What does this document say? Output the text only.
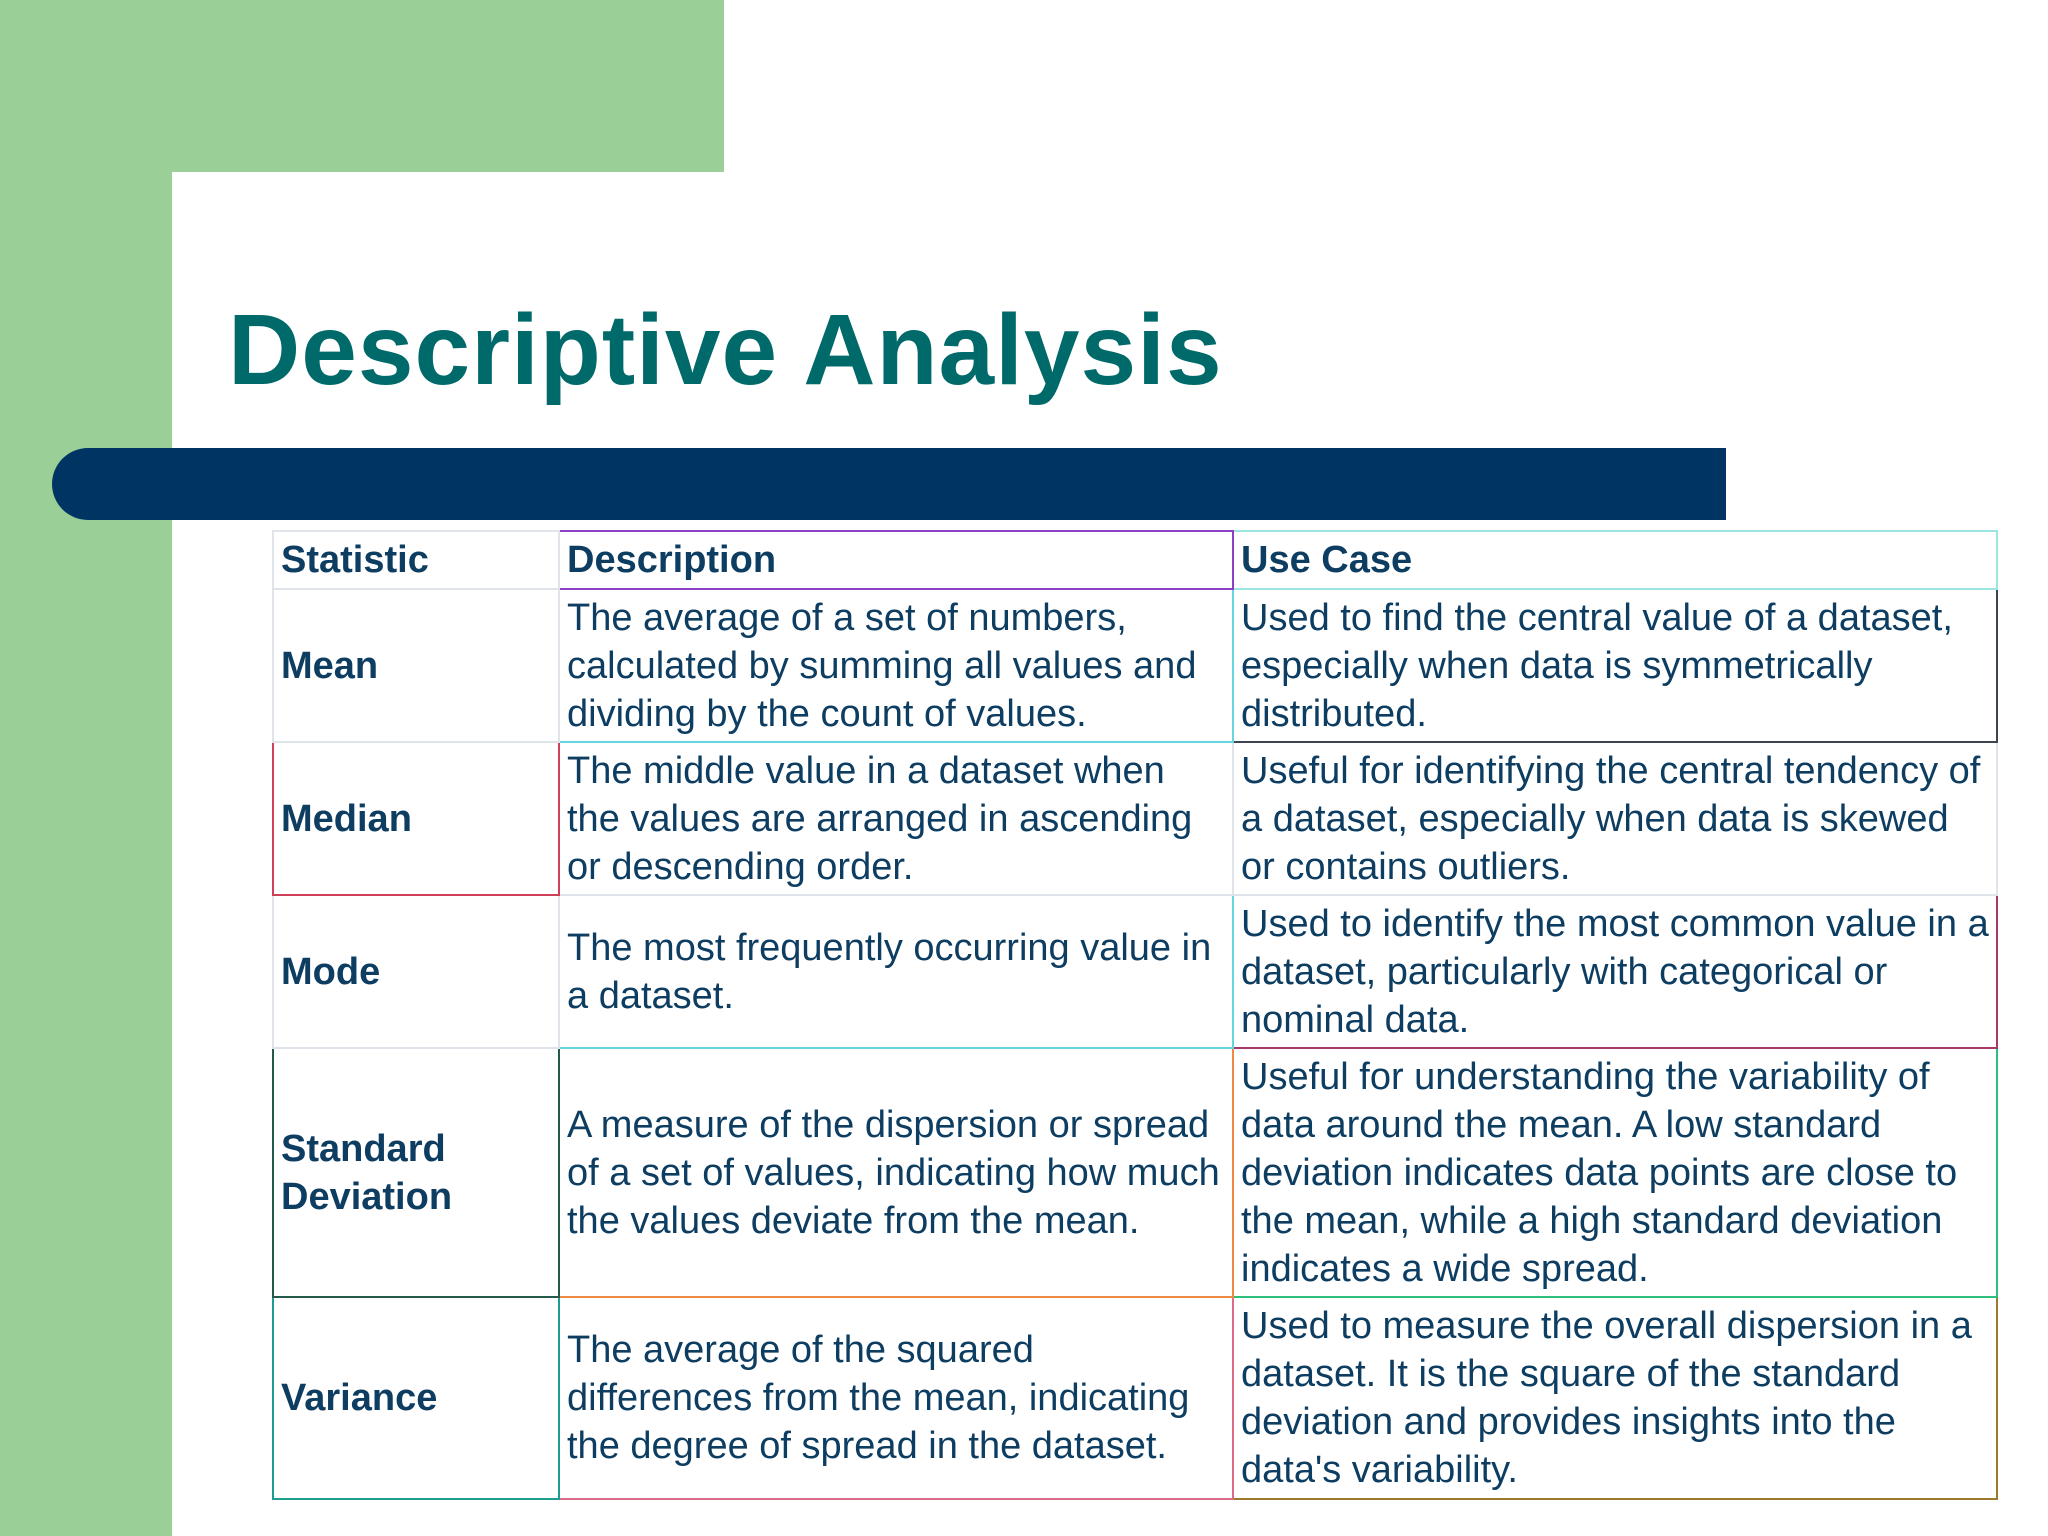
Descriptive Analysis
Statistic	Description	Use Case
Mean	The average of a set of numbers, calculated by summing all values and dividing by the count of values.	Used to find the central value of a dataset, especially when data is symmetrically distributed.
Median	The middle value in a dataset when the values are arranged in ascending or descending order.	Useful for identifying the central tendency of a dataset, especially when data is skewed or contains outliers.
Mode	The most frequently occurring value in a dataset.	Used to identify the most common value in a dataset, particularly with categorical or nominal data.
Standard Deviation	A measure of the dispersion or spread of a set of values, indicating how much the values deviate from the mean.	Useful for understanding the variability of data around the mean. A low standard deviation indicates data points are close to the mean, while a high standard deviation indicates a wide spread.
Variance	The average of the squared differences from the mean, indicating the degree of spread in the dataset.	Used to measure the overall dispersion in a dataset. It is the square of the standard deviation and provides insights into the data's variability.
